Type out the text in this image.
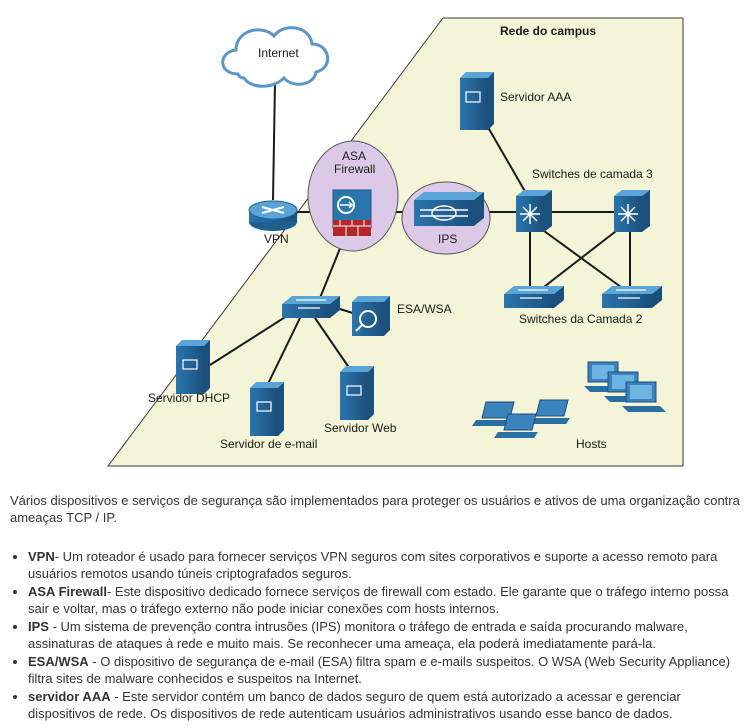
Rede do campus
Internet
VPN
ASA
Firewall
IPS
Servidor AAA
Switches de camada 3
Switches da Camada 2
ESA/WSA
Servidor DHCP
Servidor de e-mail
Servidor Web
Hosts

Vários dispositivos e serviços de segurança são implementados para proteger os usuários e ativos de uma organização contra ameaças TCP / IP.

• VPN- Um roteador é usado para fornecer serviços VPN seguros com sites corporativos e suporte a acesso remoto para usuários remotos usando túneis criptografados seguros.
• ASA Firewall- Este dispositivo dedicado fornece serviços de firewall com estado. Ele garante que o tráfego interno possa sair e voltar, mas o tráfego externo não pode iniciar conexões com hosts internos.
• IPS - Um sistema de prevenção contra intrusões (IPS) monitora o tráfego de entrada e saída procurando malware, assinaturas de ataques à rede e muito mais. Se reconhecer uma ameaça, ela poderá imediatamente pará-la.
• ESA/WSA - O dispositivo de segurança de e-mail (ESA) filtra spam e e-mails suspeitos. O WSA (Web Security Appliance) filtra sites de malware conhecidos e suspeitos na Internet.
• servidor AAA - Este servidor contém um banco de dados seguro de quem está autorizado a acessar e gerenciar dispositivos de rede. Os dispositivos de rede autenticam usuários administrativos usando esse banco de dados.
